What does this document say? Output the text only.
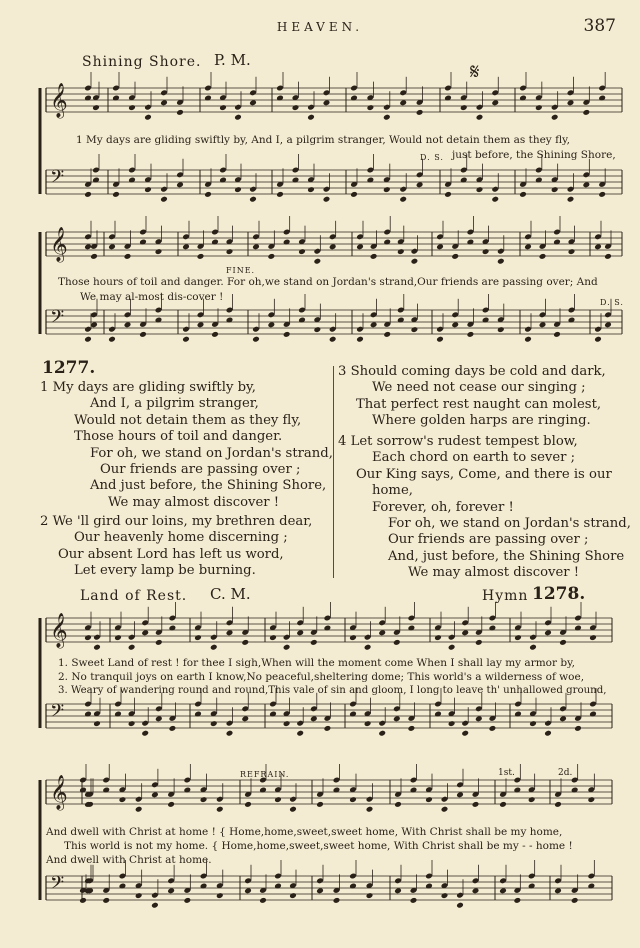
HEAVEN.	387
Shining Shore. P. M.	𝄋
𝄞
𝄢
𝄞
𝄢
𝄞
𝄢
𝄞
𝄢
1 My days are gliding swiftly by, And I, a pilgrim stranger, Would not detain them as they fly,
D. S. just before, the Shining Shore,
FINE.
Those hours of toil and danger. For oh,we stand on Jordan's strand,Our friends are passing over; And
We may al-most dis-cover !	D. S.
1277.
1 My days are gliding swiftly by,
And I, a pilgrim stranger,
Would not detain them as they fly,
Those hours of toil and danger.
For oh, we stand on Jordan's strand,
Our friends are passing over ;
And just before, the Shining Shore,
We may almost discover !
2 We 'll gird our loins, my brethren dear,
Our heavenly home discerning ;
Our absent Lord has left us word,
Let every lamp be burning.
3 Should coming days be cold and dark,
We need not cease our singing ;
That perfect rest naught can molest,
Where golden harps are ringing.
4 Let sorrow's rudest tempest blow,
Each chord on earth to sever ;
Our King says, Come, and there is our
home,
Forever, oh, forever !
For oh, we stand on Jordan's strand,
Our friends are passing over ;
And, just before, the Shining Shore
We may almost discover !
Land of Rest. C. M.	Hymn 1278.
1. Sweet Land of rest ! for thee I sigh,When will the moment come When I shall lay my armor by,
2. No tranquil joys on earth I know,No peaceful,sheltering dome; This world's a wilderness of woe,
3. Weary of wandering round and round,This vale of sin and gloom, I long to leave th' unhallowed ground,
REFRAIN.	1st.	2d.
And dwell with Christ at home ! { Home,home,sweet,sweet home, With Christ shall be my home,
This world is not my home. { Home,home,sweet,sweet home, With Christ shall be my - - home !
And dwell with Christ at home.
